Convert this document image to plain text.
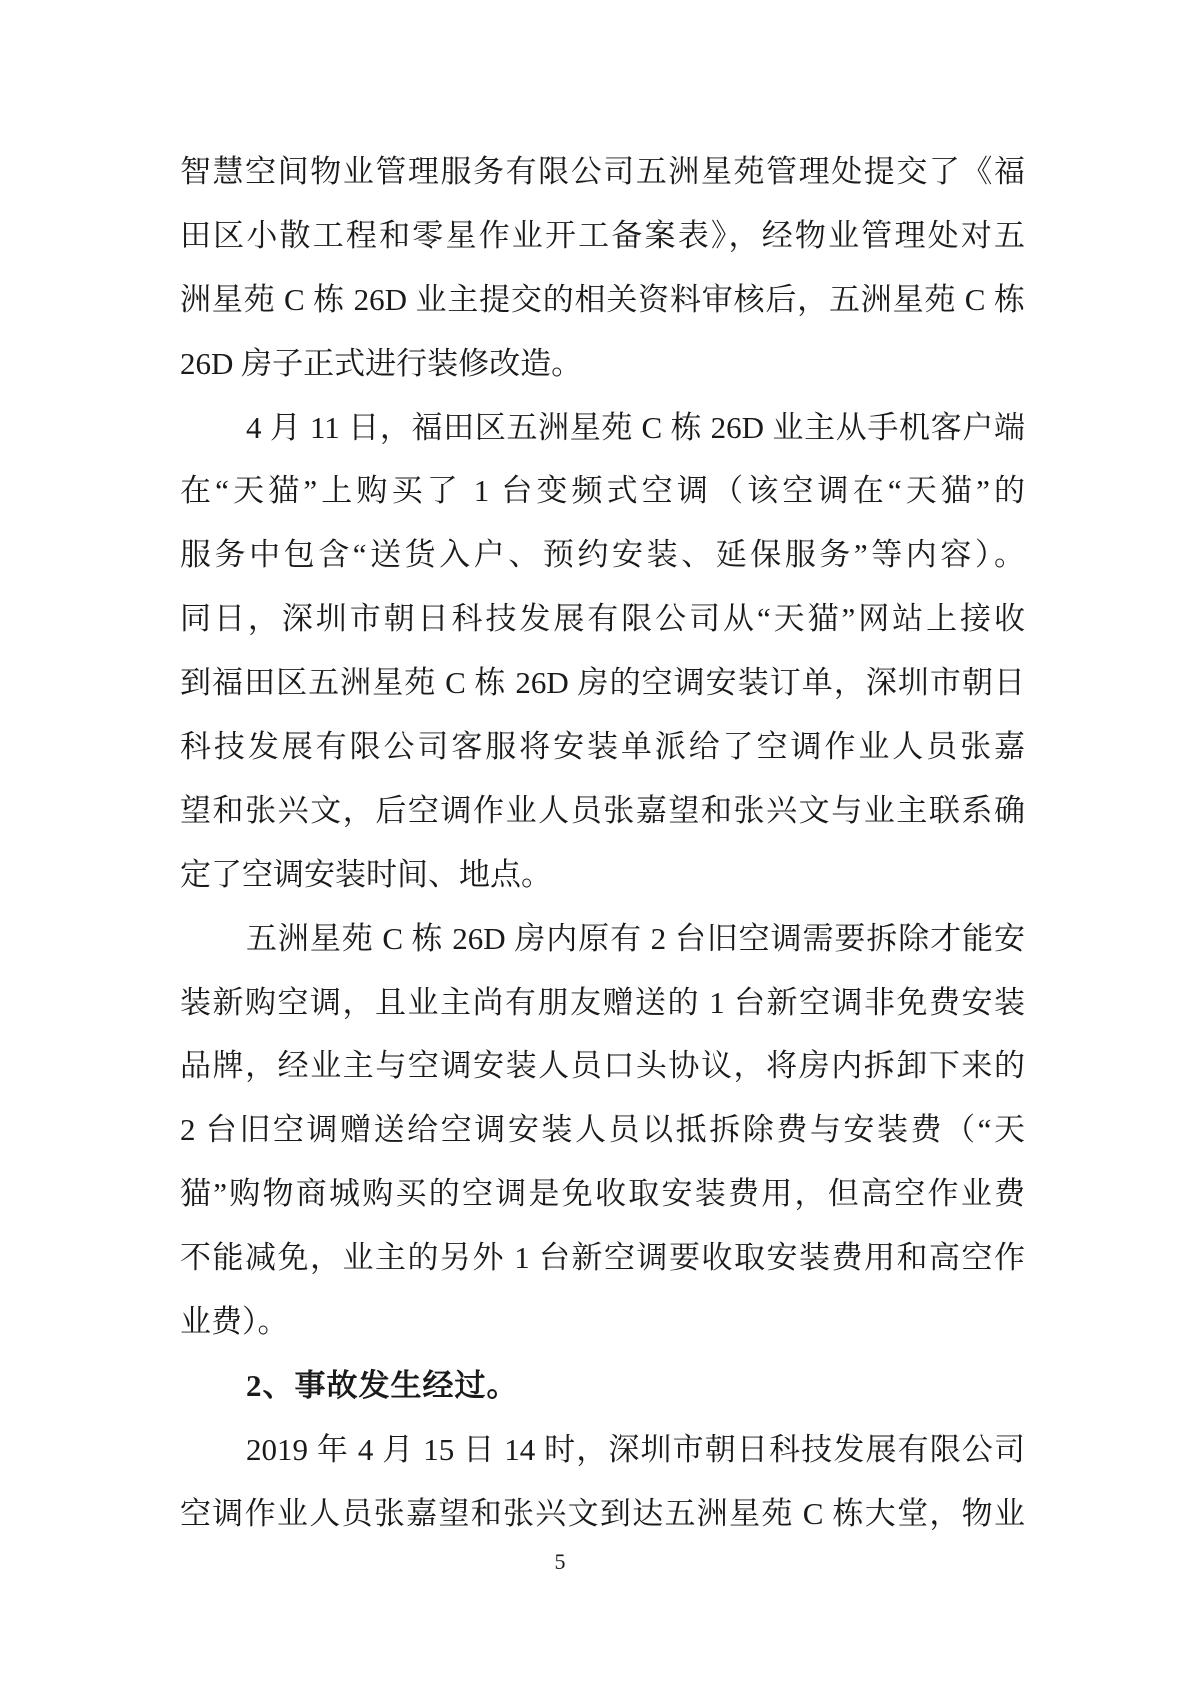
智慧空间物业管理服务有限公司五洲星苑管理处提交了《福
田区小散工程和零星作业开工备案表》，经物业管理处对五
洲星苑 C 栋 26D 业主提交的相关资料审核后，五洲星苑 C 栋
26D 房子正式进行装修改造。
4 月 11 日，福田区五洲星苑 C 栋 26D 业主从手机客户端
在“天猫”上购买了 1 台变频式空调（该空调在“天猫”的
服务中包含“送货入户、预约安装、延保服务”等内容）。
同日，深圳市朝日科技发展有限公司从“天猫”网站上接收
到福田区五洲星苑 C 栋 26D 房的空调安装订单，深圳市朝日
科技发展有限公司客服将安装单派给了空调作业人员张嘉
望和张兴文，后空调作业人员张嘉望和张兴文与业主联系确
定了空调安装时间、地点。
五洲星苑 C 栋 26D 房内原有 2 台旧空调需要拆除才能安
装新购空调，且业主尚有朋友赠送的 1 台新空调非免费安装
品牌，经业主与空调安装人员口头协议，将房内拆卸下来的
2 台旧空调赠送给空调安装人员以抵拆除费与安装费（“天
猫”购物商城购买的空调是免收取安装费用，但高空作业费
不能减免，业主的另外 1 台新空调要收取安装费用和高空作
业费）。
2、事故发生经过。
2019 年 4 月 15 日 14 时，深圳市朝日科技发展有限公司
空调作业人员张嘉望和张兴文到达五洲星苑 C 栋大堂，物业
5
